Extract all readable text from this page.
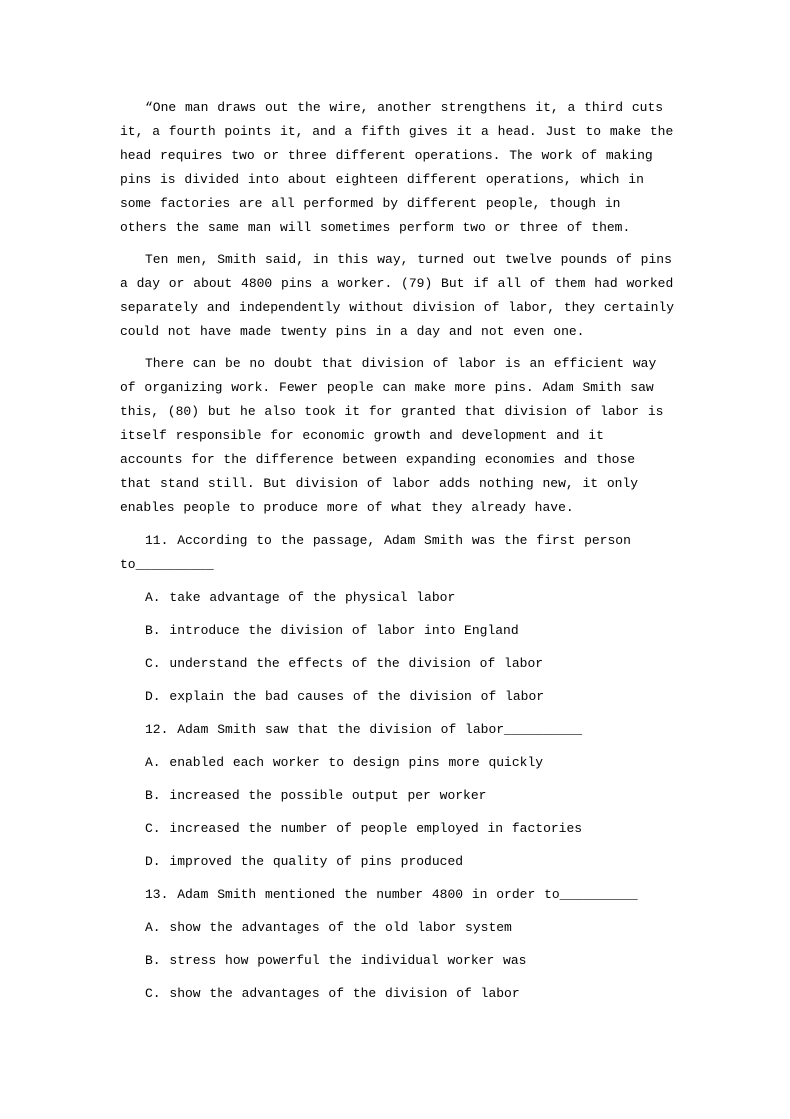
“One man draws out the wire, another strengthens it, a third cuts it, a fourth points it, and a fifth gives it a head. Just to make the head requires two or three different operations. The work of making pins is divided into about eighteen different operations, which in some factories are all performed by different people, though in others the same man will sometimes perform two or three of them.

Ten men, Smith said, in this way, turned out twelve pounds of pins a day or about 4800 pins a worker. (79) But if all of them had worked separately and independently without division of labor, they certainly could not have made twenty pins in a day and not even one.

There can be no doubt that division of labor is an efficient way of organizing work. Fewer people can make more pins. Adam Smith saw this, (80) but he also took it for granted that division of labor is itself responsible for economic growth and development and it accounts for the difference between expanding economies and those that stand still. But division of labor adds nothing new, it only enables people to produce more of what they already have.

11. According to the passage, Adam Smith was the first person to__________

A. take advantage of the physical labor

B. introduce the division of labor into England

C. understand the effects of the division of labor

D. explain the bad causes of the division of labor

12. Adam Smith saw that the division of labor__________

A. enabled each worker to design pins more quickly

B. increased the possible output per worker

C. increased the number of people employed in factories

D. improved the quality of pins produced

13. Adam Smith mentioned the number 4800 in order to__________

A. show the advantages of the old labor system

B. stress how powerful the individual worker was

C. show the advantages of the division of labor
